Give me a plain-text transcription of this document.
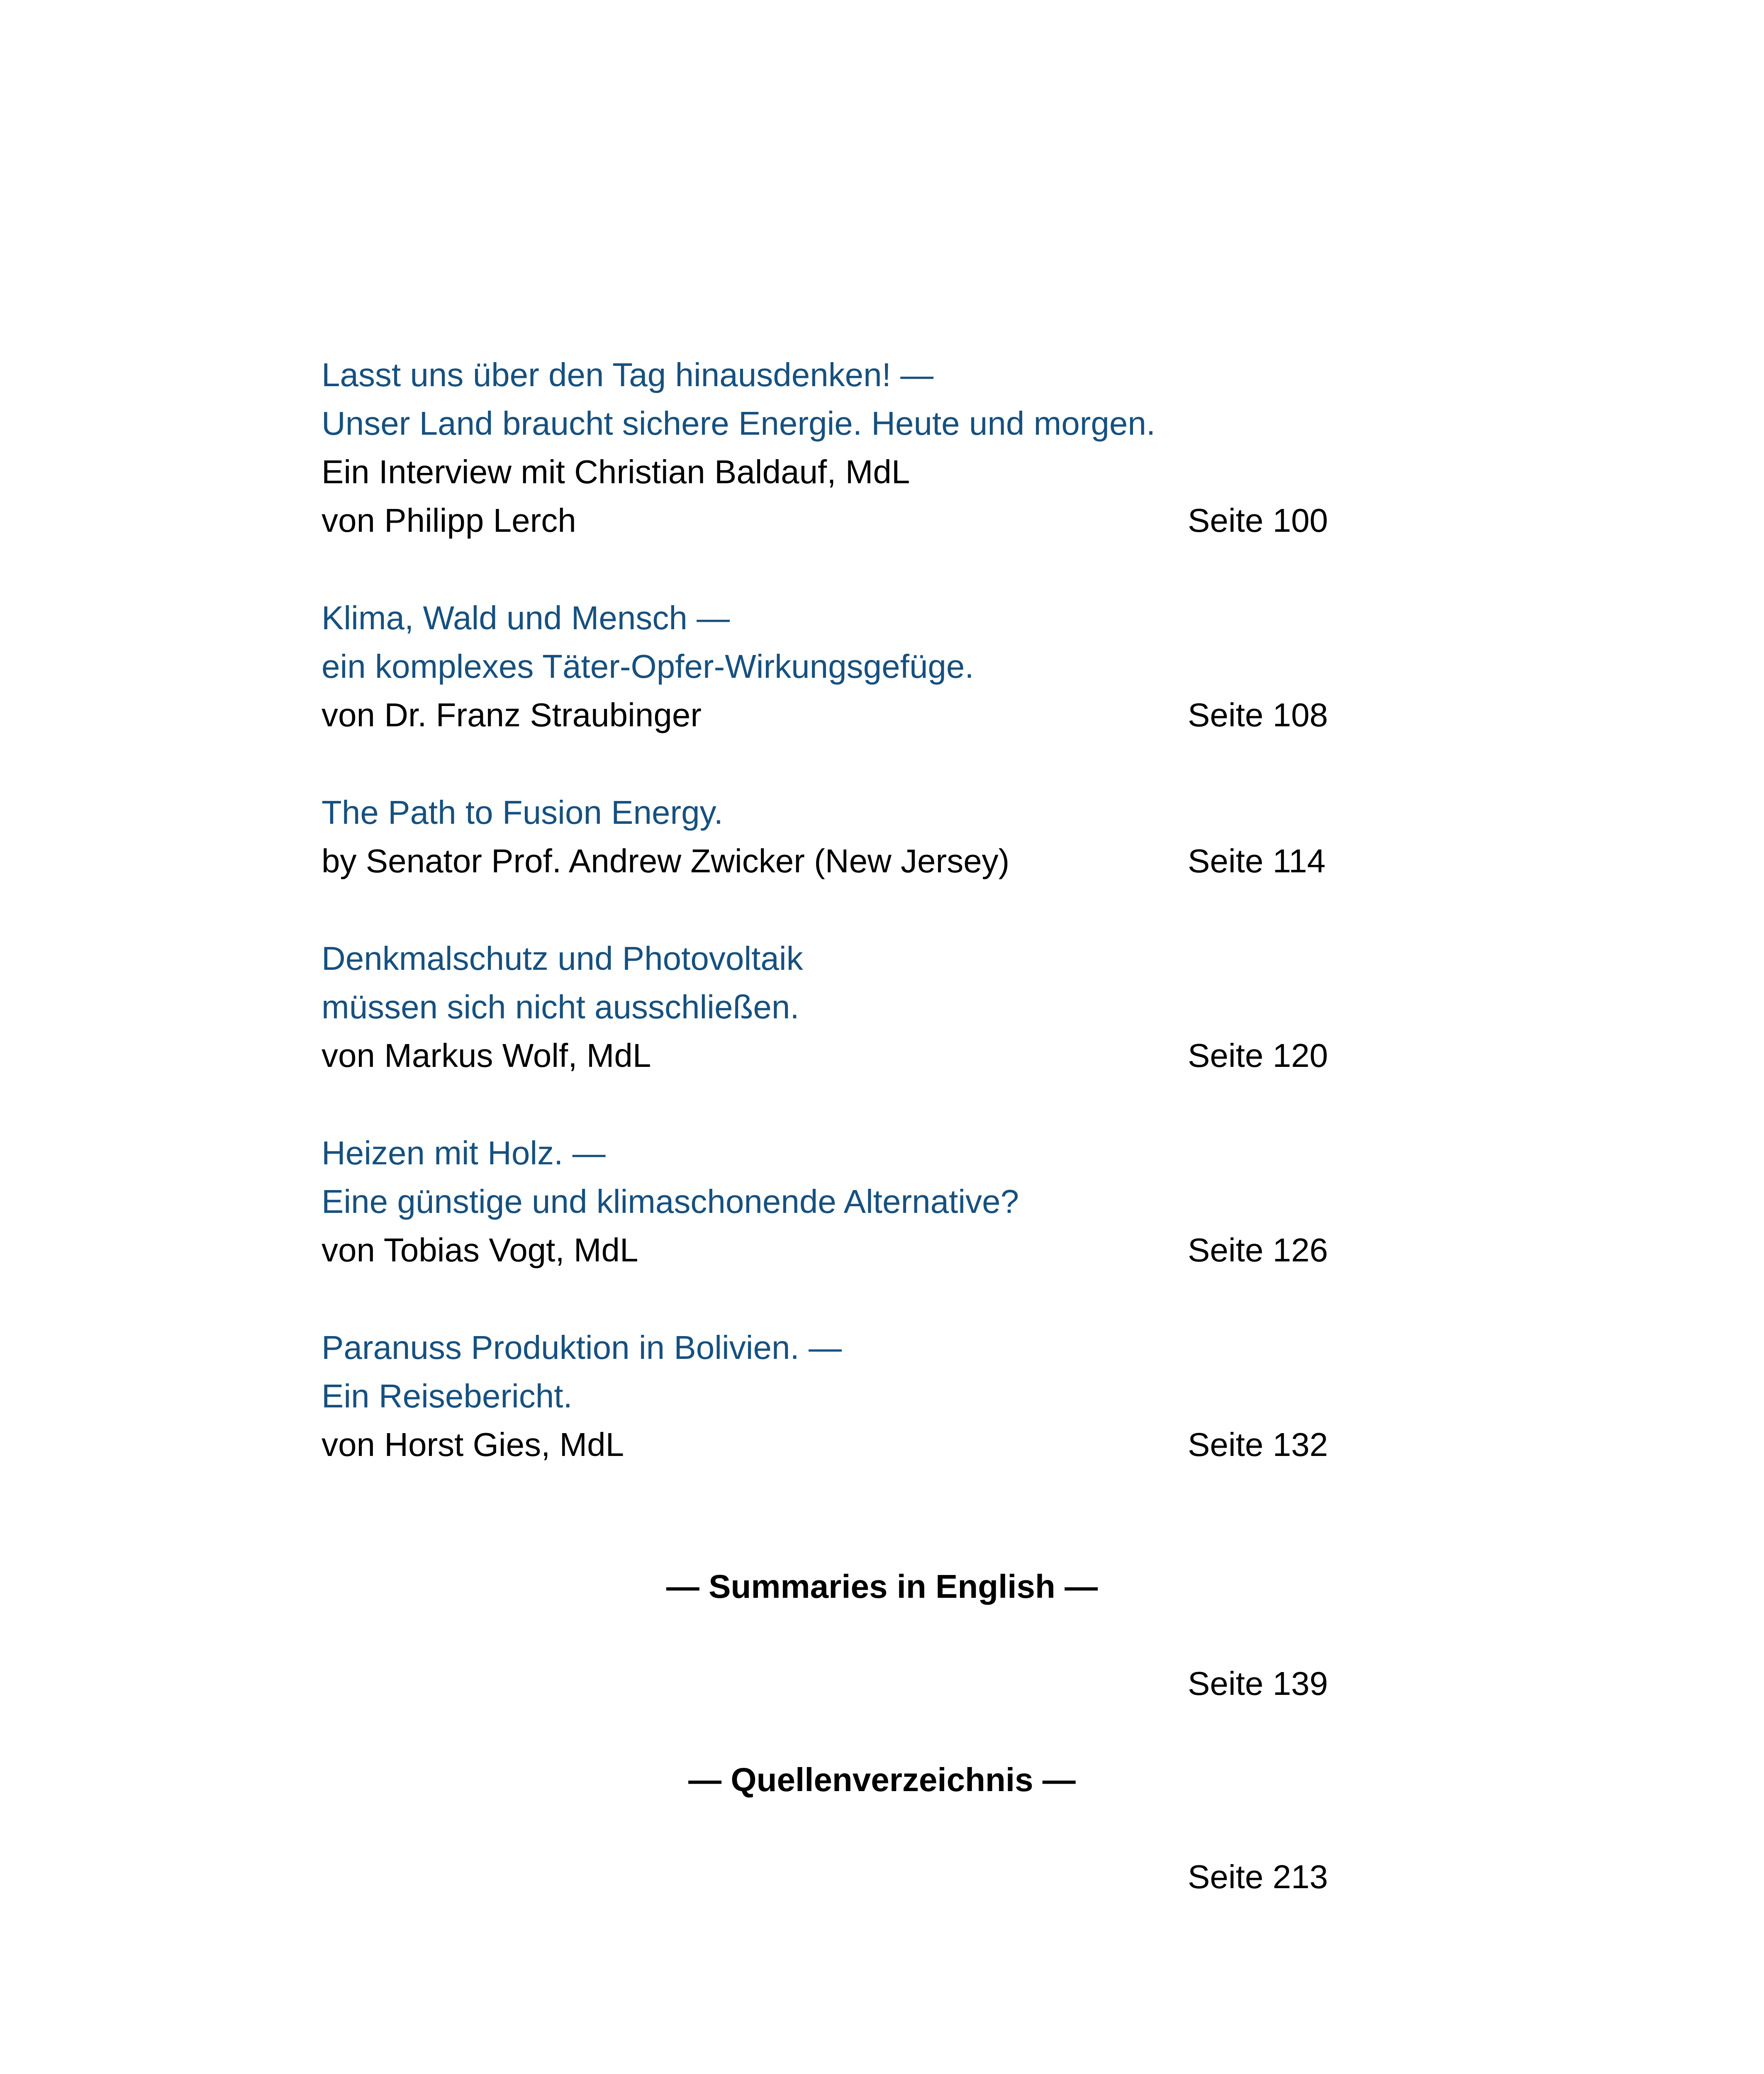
Lasst uns über den Tag hinausdenken! —
Unser Land braucht sichere Energie. Heute und morgen.
Ein Interview mit Christian Baldauf, MdL
von Philipp Lerch	Seite 100
Klima, Wald und Mensch —
ein komplexes Täter-Opfer-Wirkungsgefüge.
von Dr. Franz Straubinger	Seite 108
The Path to Fusion Energy.
by Senator Prof. Andrew Zwicker (New Jersey)	Seite 114
Denkmalschutz und Photovoltaik
müssen sich nicht ausschließen.
von Markus Wolf, MdL	Seite 120
Heizen mit Holz. —
Eine günstige und klimaschonende Alternative?
von Tobias Vogt, MdL	Seite 126
Paranuss Produktion in Bolivien. —
Ein Reisebericht.
von Horst Gies, MdL	Seite 132
— Summaries in English —
Seite 139
— Quellenverzeichnis —
Seite 213
